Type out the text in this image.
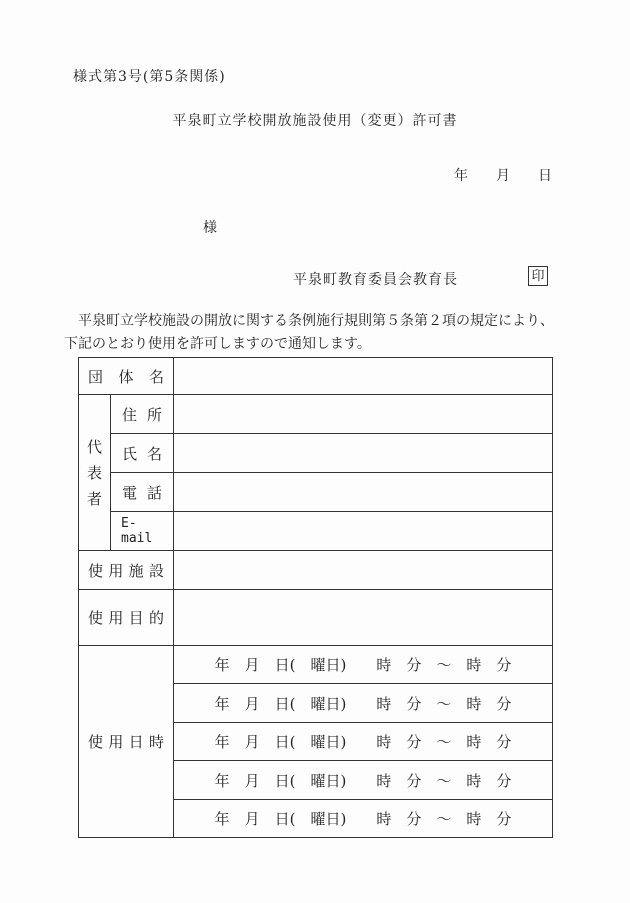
様式第3号(第5条関係)
平泉町立学校開放施設使用（変更）許可書
年　　月　　日
様
平泉町教育委員会教育長	印
　平泉町立学校施設の開放に関する条例施行規則第５条第２項の規定により、
下記のとおり使用を許可しますので通知します。
団 体 名		

代表者	住 所	

	氏 名	

	電 話	

	E-mail	

使 用 施 設		

使 用 目 的		

使 用 日 時		年　月　日(　曜日)　　時　分　～　時　分
		年　月　日(　曜日)　　時　分　～　時　分
		年　月　日(　曜日)　　時　分　～　時　分
		年　月　日(　曜日)　　時　分　～　時　分
		年　月　日(　曜日)　　時　分　～　時　分
